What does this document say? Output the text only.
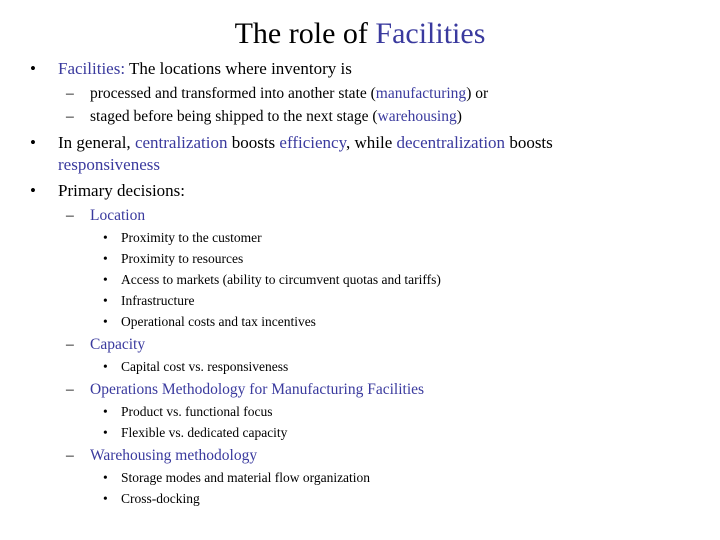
The role of Facilities
• Facilities: The locations where inventory is
– processed and transformed into another state (manufacturing) or
– staged before being shipped to the next stage (warehousing)
• In general, centralization boosts efficiency, while decentralization boosts
responsiveness
• Primary decisions:
– Location
• Proximity to the customer
• Proximity to resources
• Access to markets (ability to circumvent quotas and tariffs)
• Infrastructure
• Operational costs and tax incentives
– Capacity
• Capital cost vs. responsiveness
– Operations Methodology for Manufacturing Facilities
• Product vs. functional focus
• Flexible vs. dedicated capacity
– Warehousing methodology
• Storage modes and material flow organization
• Cross-docking
